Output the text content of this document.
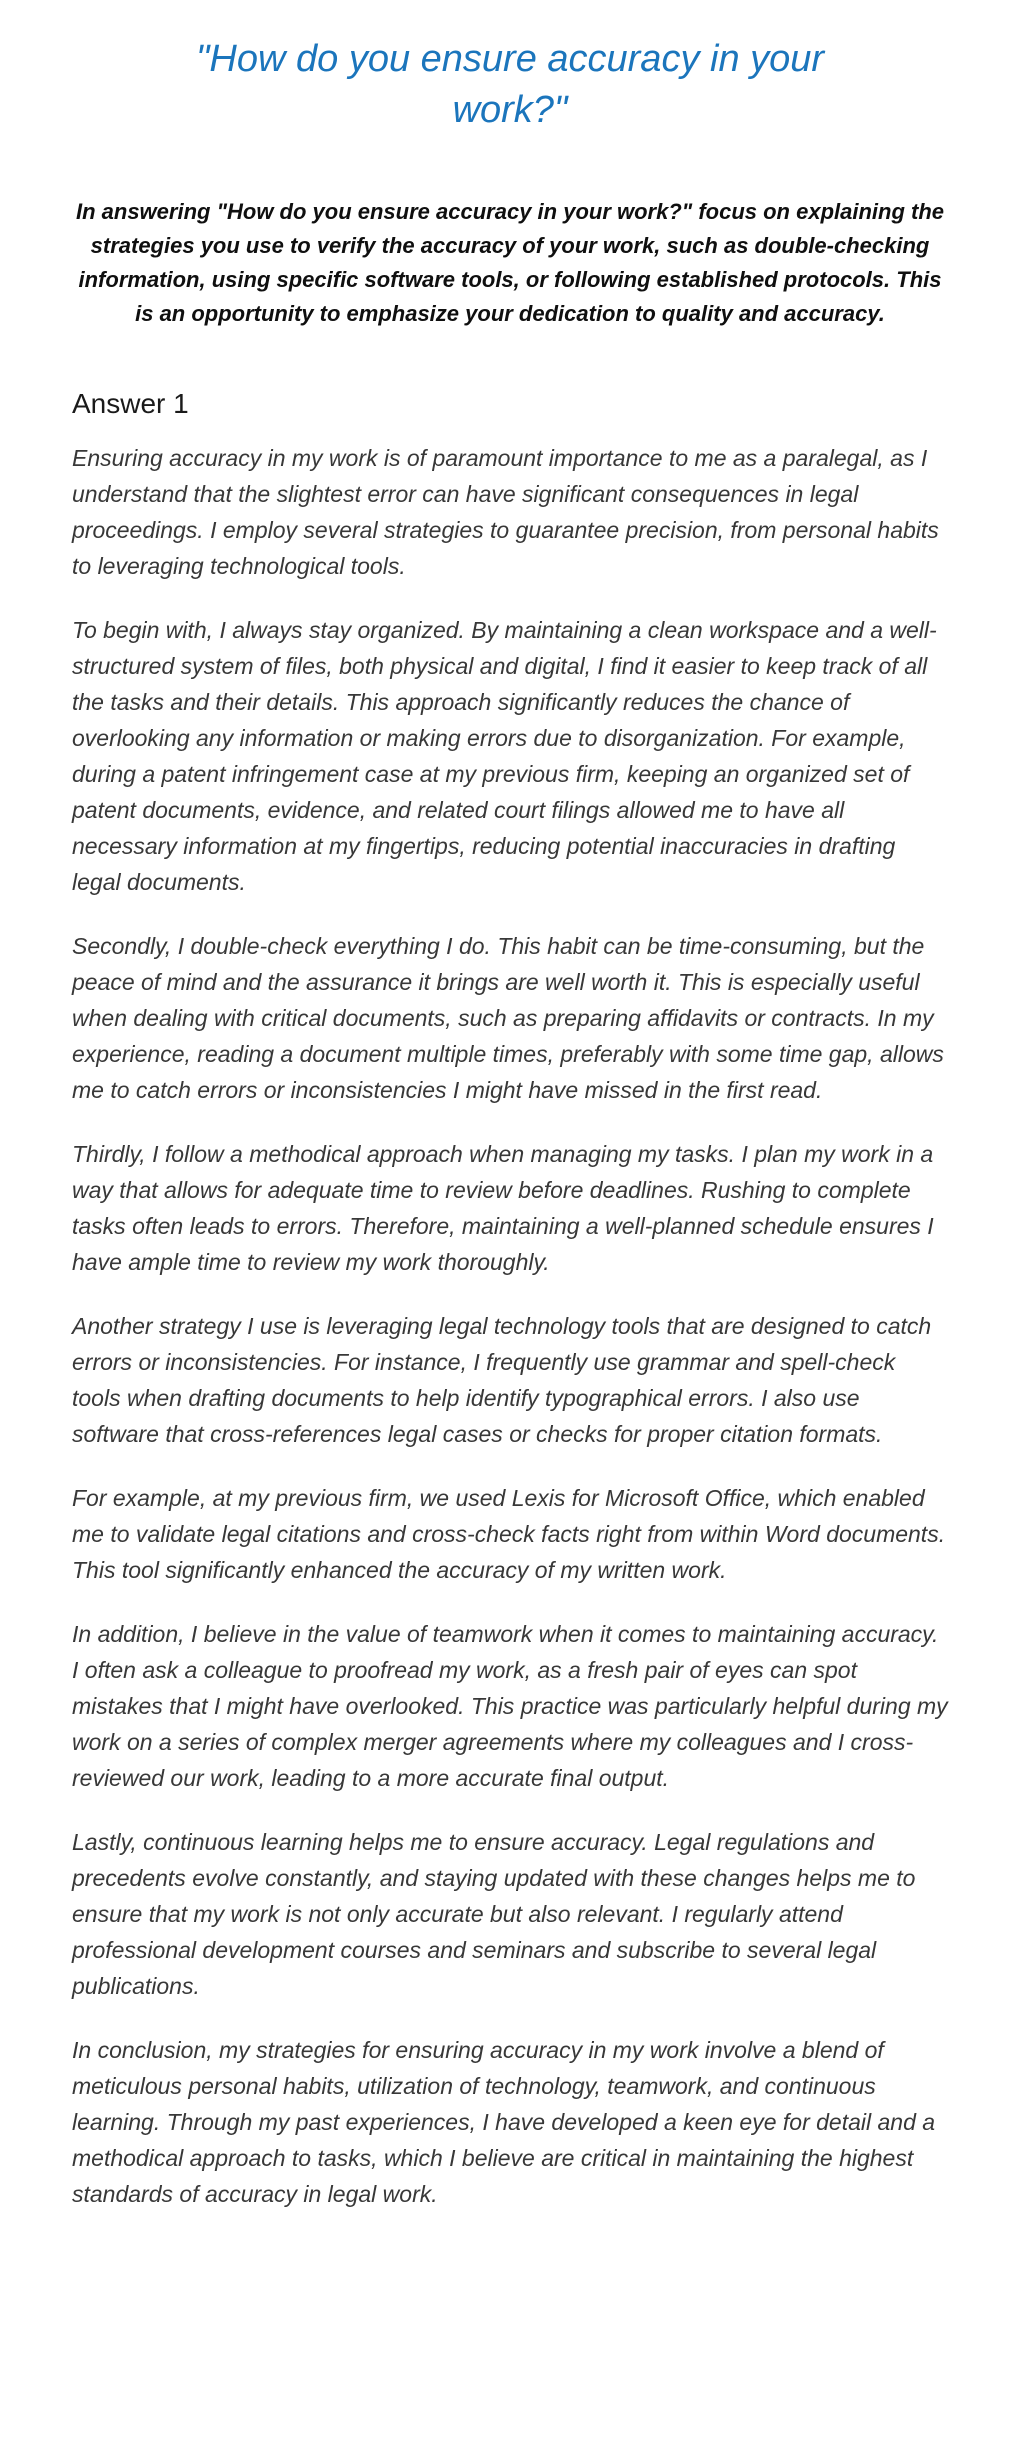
"How do you ensure accuracy in your work?"

In answering "How do you ensure accuracy in your work?" focus on explaining the strategies you use to verify the accuracy of your work, such as double-checking information, using specific software tools, or following established protocols. This is an opportunity to emphasize your dedication to quality and accuracy.

Answer 1

Ensuring accuracy in my work is of paramount importance to me as a paralegal, as I understand that the slightest error can have significant consequences in legal proceedings. I employ several strategies to guarantee precision, from personal habits to leveraging technological tools.

To begin with, I always stay organized. By maintaining a clean workspace and a well-structured system of files, both physical and digital, I find it easier to keep track of all the tasks and their details. This approach significantly reduces the chance of overlooking any information or making errors due to disorganization. For example, during a patent infringement case at my previous firm, keeping an organized set of patent documents, evidence, and related court filings allowed me to have all necessary information at my fingertips, reducing potential inaccuracies in drafting legal documents.

Secondly, I double-check everything I do. This habit can be time-consuming, but the peace of mind and the assurance it brings are well worth it. This is especially useful when dealing with critical documents, such as preparing affidavits or contracts. In my experience, reading a document multiple times, preferably with some time gap, allows me to catch errors or inconsistencies I might have missed in the first read.

Thirdly, I follow a methodical approach when managing my tasks. I plan my work in a way that allows for adequate time to review before deadlines. Rushing to complete tasks often leads to errors. Therefore, maintaining a well-planned schedule ensures I have ample time to review my work thoroughly.

Another strategy I use is leveraging legal technology tools that are designed to catch errors or inconsistencies. For instance, I frequently use grammar and spell-check tools when drafting documents to help identify typographical errors. I also use software that cross-references legal cases or checks for proper citation formats.

For example, at my previous firm, we used Lexis for Microsoft Office, which enabled me to validate legal citations and cross-check facts right from within Word documents. This tool significantly enhanced the accuracy of my written work.

In addition, I believe in the value of teamwork when it comes to maintaining accuracy. I often ask a colleague to proofread my work, as a fresh pair of eyes can spot mistakes that I might have overlooked. This practice was particularly helpful during my work on a series of complex merger agreements where my colleagues and I cross-reviewed our work, leading to a more accurate final output.

Lastly, continuous learning helps me to ensure accuracy. Legal regulations and precedents evolve constantly, and staying updated with these changes helps me to ensure that my work is not only accurate but also relevant. I regularly attend professional development courses and seminars and subscribe to several legal publications.

In conclusion, my strategies for ensuring accuracy in my work involve a blend of meticulous personal habits, utilization of technology, teamwork, and continuous learning. Through my past experiences, I have developed a keen eye for detail and a methodical approach to tasks, which I believe are critical in maintaining the highest standards of accuracy in legal work.
